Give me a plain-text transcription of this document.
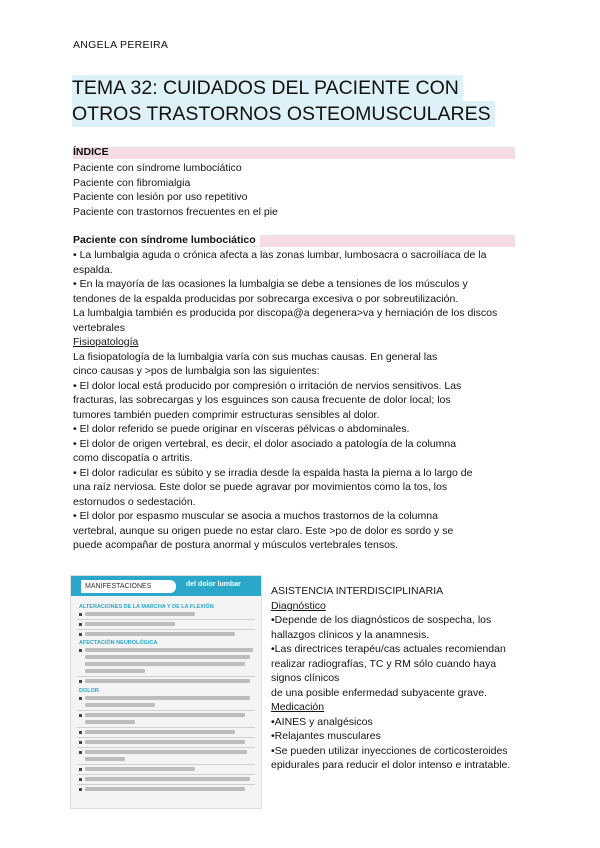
ANGELA PEREIRA
TEMA 32: CUIDADOS DEL PACIENTE CON
OTROS TRASTORNOS OSTEOMUSCULARES
ÍNDICE
Paciente con síndrome lumbociático
Paciente con fibromialgia
Paciente con lesión por uso repetitivo
Paciente con trastornos frecuentes en el pie
Paciente con síndrome lumbociático
• La lumbalgia aguda o crónica afecta a las zonas lumbar, lumbosacra o sacroilíaca de la
espalda.
• En la mayoría de las ocasiones la lumbalgia se debe a tensiones de los músculos y
tendones de la espalda producidas por sobrecarga excesiva o por sobreutilización.
La lumbalgia también es producida por discopa@a degenera>va y herniación de los discos
vertebrales
Fisiopatología
La fisiopatología de la lumbalgia varía con sus muchas causas. En general las
cinco causas y >pos de lumbalgia son las siguientes:
• El dolor local está producido por compresión o irritación de nervios sensitivos. Las
fracturas, las sobrecargas y los esguinces son causa frecuente de dolor local; los
tumores también pueden comprimir estructuras sensibles al dolor.
• El dolor referido se puede originar en vísceras pélvicas o abdominales.
• El dolor de origen vertebral, es decir, el dolor asociado a patología de la columna
como discopatía o artritis.
• El dolor radicular es súbito y se irradia desde la espalda hasta la pierna a lo largo de
una raíz nerviosa. Este dolor se puede agravar por movimientos como la tos, los
estornudos o sedestación.
• El dolor por espasmo muscular se asocia a muchos trastornos de la columna
vertebral, aunque su origen puede no estar claro. Este >po de dolor es sordo y se
puede acompañar de postura anormal y músculos vertebrales tensos.
MANIFESTACIONES	del dolor lumbar
ALTERACIONES DE LA MARCHA Y DE LA FLEXIÓN
AFECTACIÓN NEUROLÓGICA
DOLOR
ASISTENCIA INTERDISCIPLINARIA
Diagnóstico
•Depende de los diagnósticos de sospecha, los
hallazgos clínicos y la anamnesis.
•Las directrices terapéu/cas actuales recomiendan
realizar radiografías, TC y RM sólo cuando haya
signos clínicos
de una posible enfermedad subyacente grave.
Medicación
•AINES y analgésicos
•Relajantes musculares
•Se pueden utilizar inyecciones de corticosteroides
epidurales para reducir el dolor intenso e intratable.
